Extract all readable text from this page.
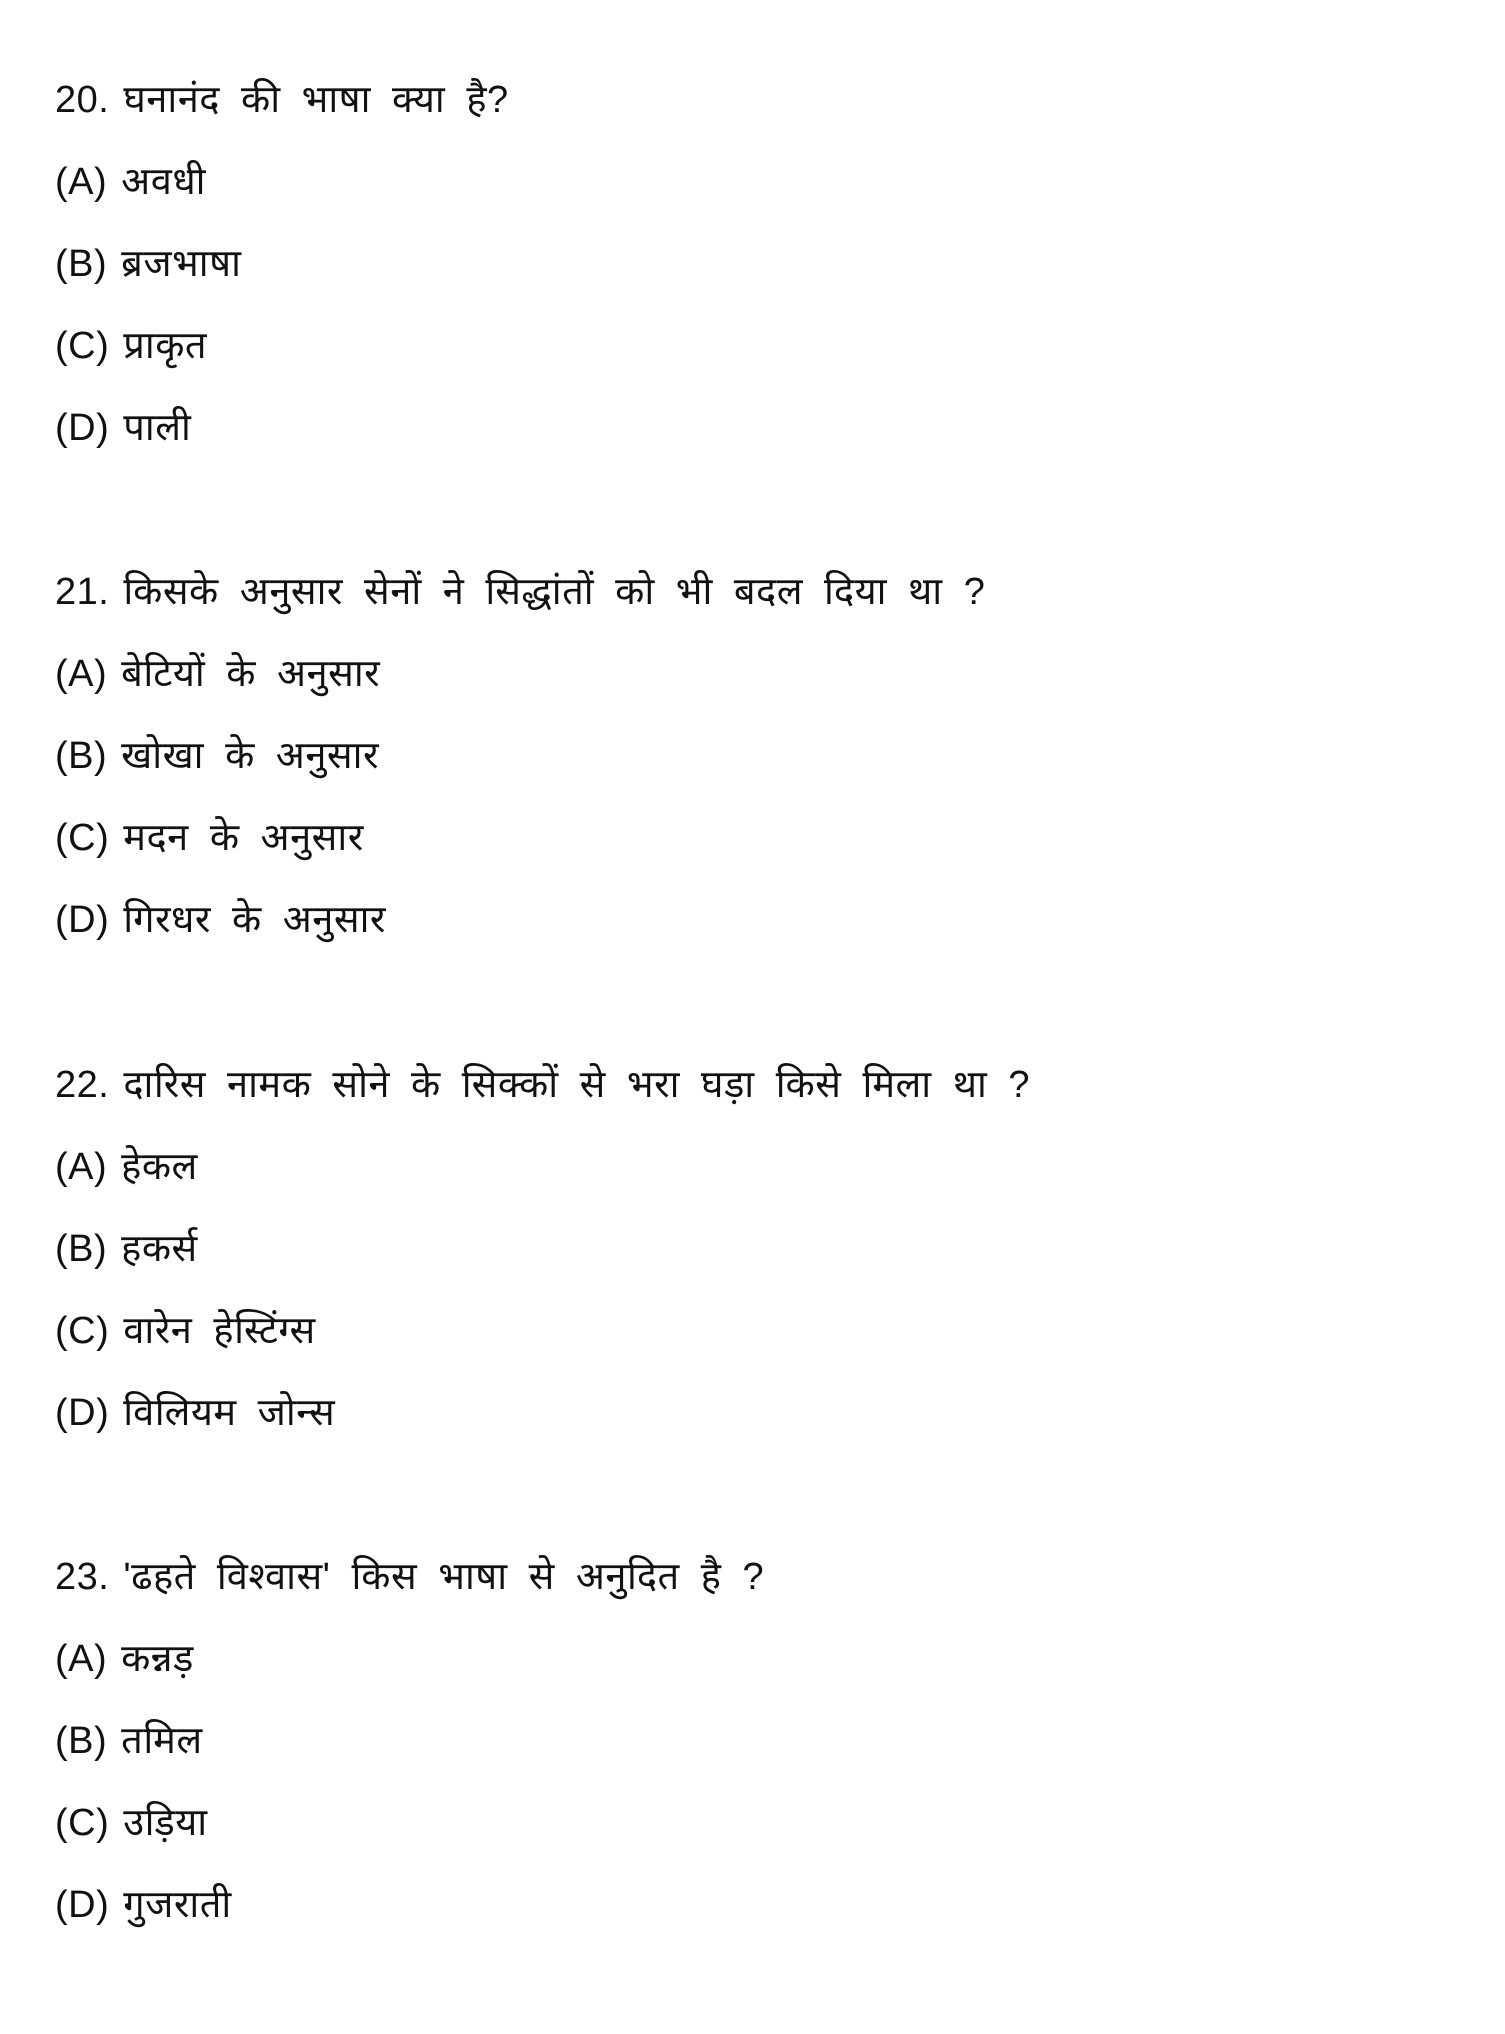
20. घनानंद की भाषा क्या है?
(A) अवधी
(B) ब्रजभाषा
(C) प्राकृत
(D) पाली
21. किसके अनुसार सेनों ने सिद्धांतों को भी बदल दिया था ?
(A) बेटियों के अनुसार
(B) खोखा के अनुसार
(C) मदन के अनुसार
(D) गिरधर के अनुसार
22. दारिस नामक सोने के सिक्कों से भरा घड़ा किसे मिला था ?
(A) हेकल
(B) हकर्स
(C) वारेन हेस्टिंग्स
(D) विलियम जोन्स
23. 'ढहते विश्वास' किस भाषा से अनुदित है ?
(A) कन्नड़
(B) तमिल
(C) उड़िया
(D) गुजराती
